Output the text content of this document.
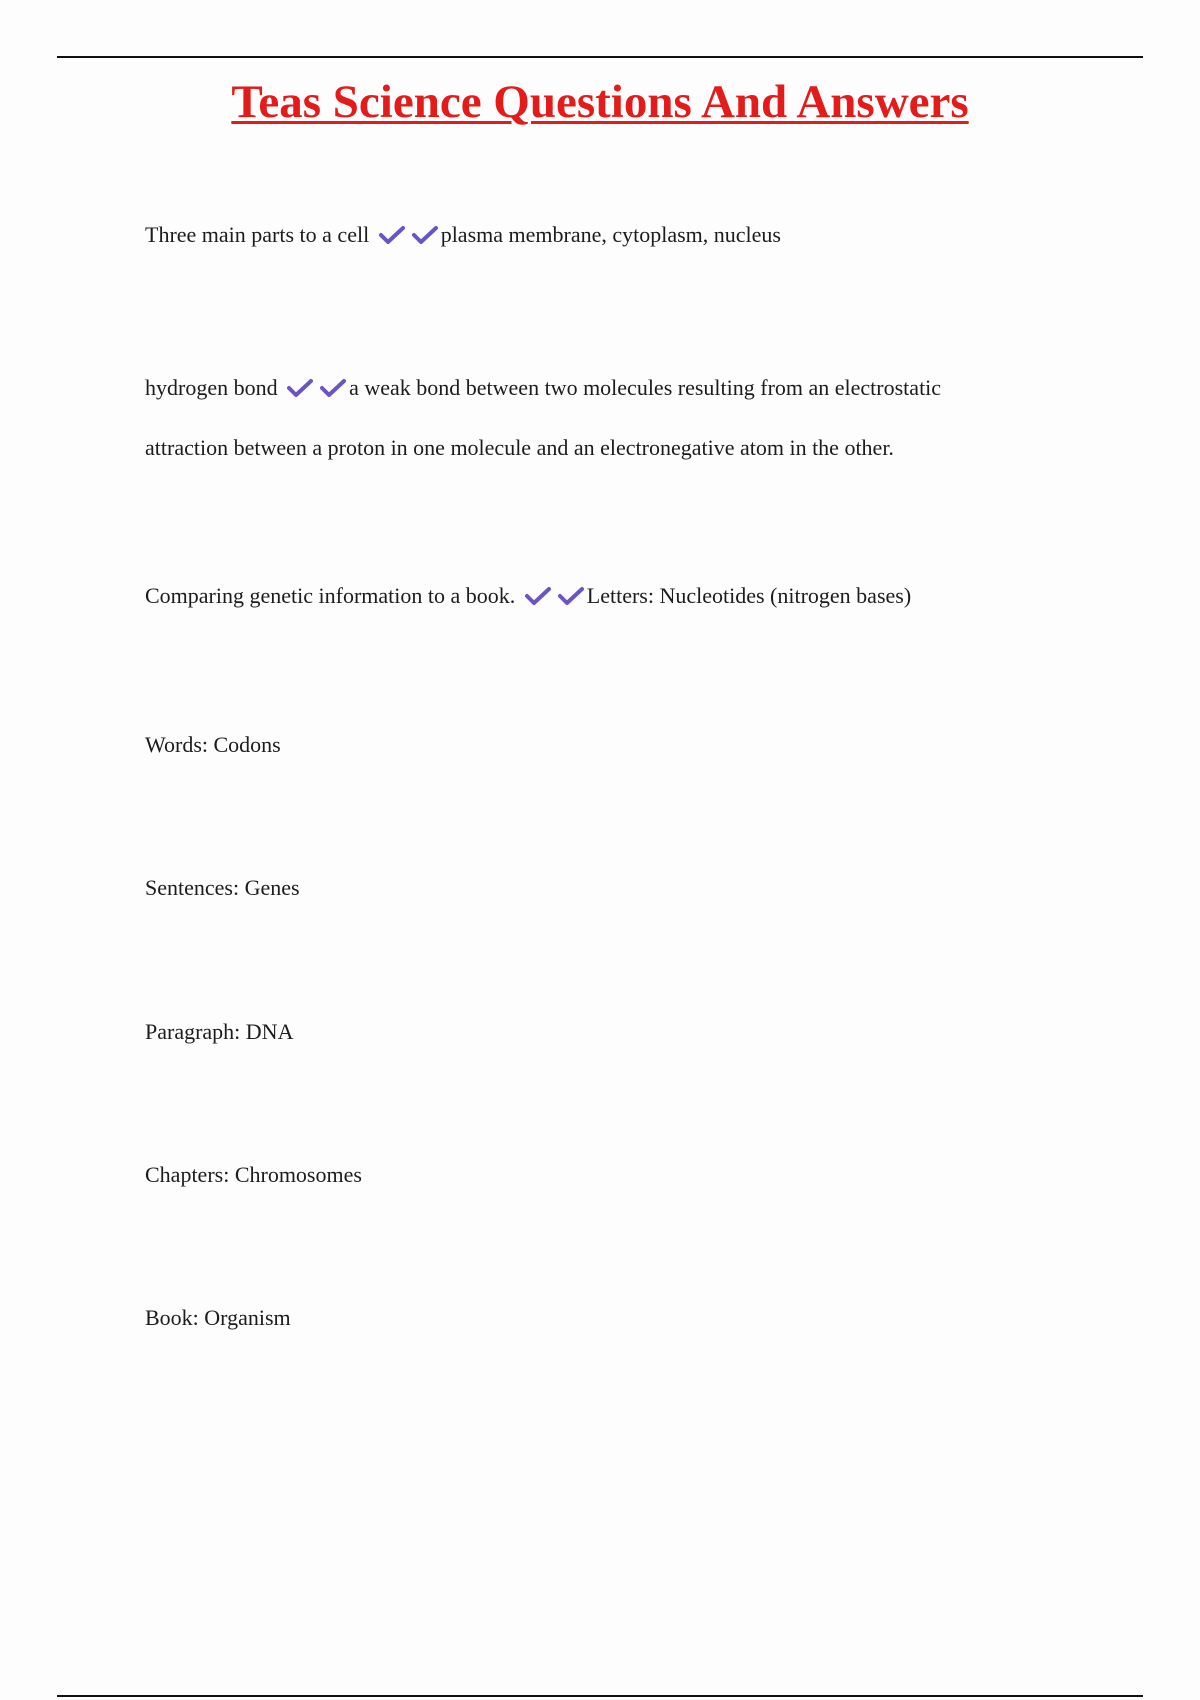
Teas Science Questions And Answers
Three main parts to a cell	plasma membrane, cytoplasm, nucleus
hydrogen bond	a weak bond between two molecules resulting from an electrostatic
attraction between a proton in one molecule and an electronegative atom in the other.
Comparing genetic information to a book.	Letters: Nucleotides (nitrogen bases)
Words: Codons
Sentences: Genes
Paragraph: DNA
Chapters: Chromosomes
Book: Organism
